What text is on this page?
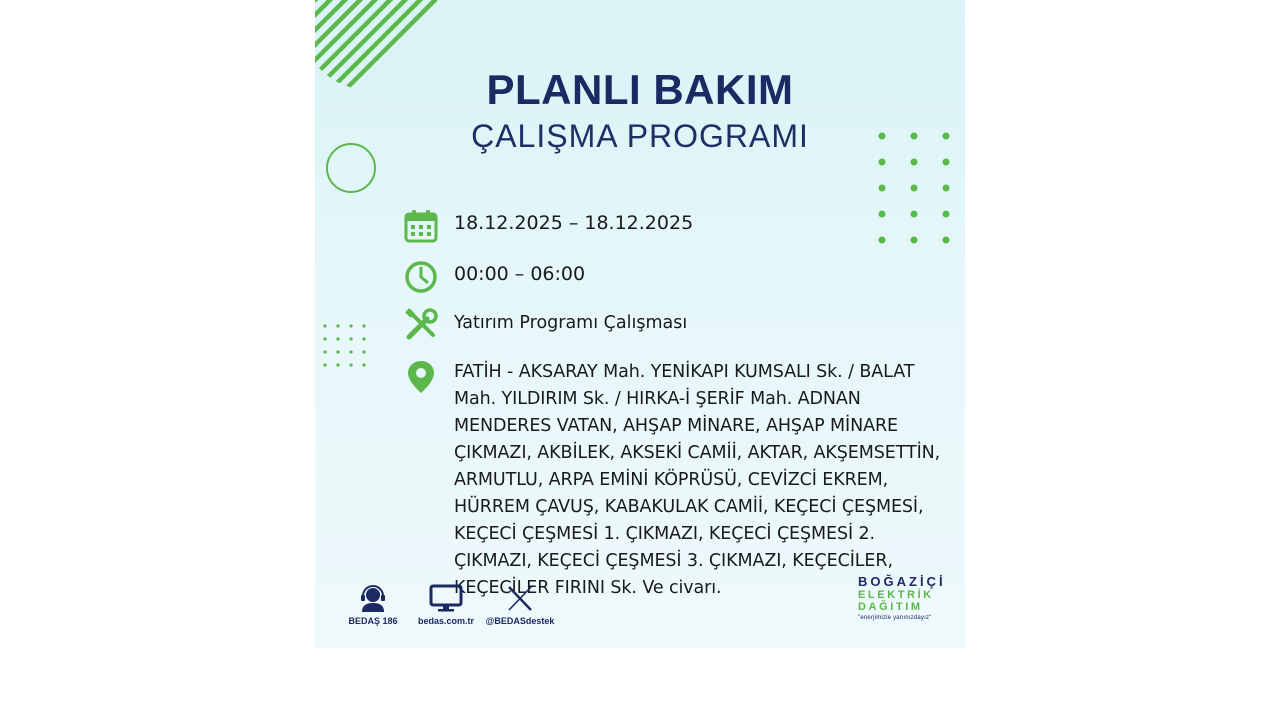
PLANLI BAKIM
ÇALIŞMA PROGRAMI
18.12.2025 – 18.12.2025
00:00 – 06:00
Yatırım Programı Çalışması
FATİH - AKSARAY Mah. YENİKAPI KUMSALI Sk. / BALAT Mah. YILDIRIM Sk. / HIRKA-İ ŞERİF Mah. ADNAN MENDERES VATAN, AHŞAP MİNARE, AHŞAP MİNARE ÇIKMAZI, AKBİLEK, AKSEKİ CAMİİ, AKTAR, AKŞEMSETTİN, ARMUTLU, ARPA EMİNİ KÖPRÜSÜ, CEVİZCİ EKREM, HÜRREM ÇAVUŞ, KABAKULAK CAMİİ, KEÇECİ ÇEŞMESİ, KEÇECİ ÇEŞMESİ 1. ÇIKMAZI, KEÇECİ ÇEŞMESİ 2. ÇIKMAZI, KEÇECİ ÇEŞMESİ 3. ÇIKMAZI, KEÇECİLER, KEÇECİLER FIRINI Sk. Ve civarı.
BEDAŞ 186	bedas.com.tr	@BEDASdestek
BOĞAZİÇİ
ELEKTRİK
DAĞITIM
"enerjimizle yanınızdayız"
